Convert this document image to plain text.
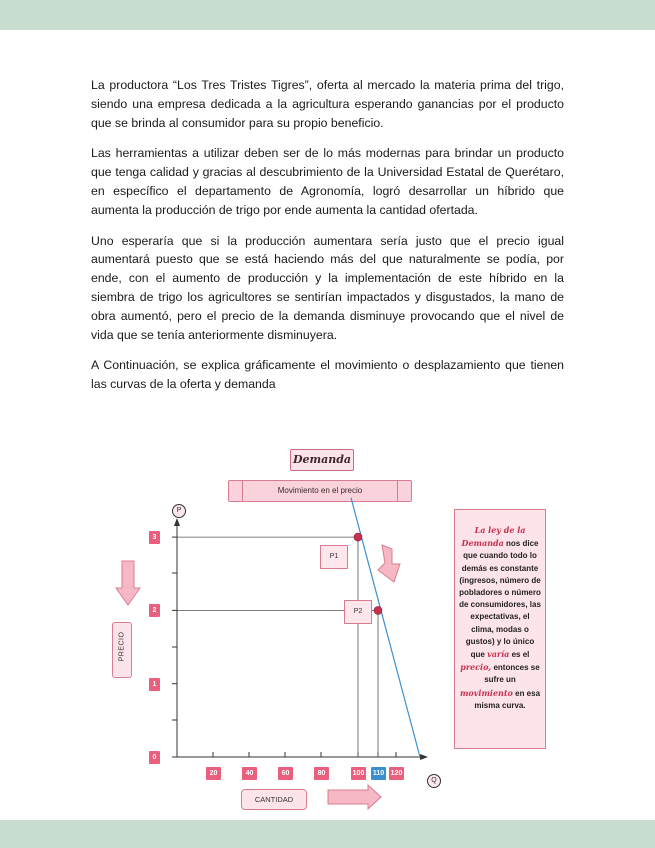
La productora “Los Tres Tristes Tigres”, oferta al mercado la materia prima del trigo, siendo una empresa dedicada a la agricultura esperando ganancias por el producto que se brinda al consumidor para su propio beneficio.

Las herramientas a utilizar deben ser de lo más modernas para brindar un producto que tenga calidad y gracias al descubrimiento de la Universidad Estatal de Querétaro, en específico el departamento de Agronomía, logró desarrollar un híbrido que aumenta la producción de trigo por ende aumenta la cantidad ofertada.

Uno esperaría que si la producción aumentara sería justo que el precio igual aumentará puesto que se está haciendo más del que naturalmente se podía, por ende, con el aumento de producción y la implementación de este híbrido en la siembra de trigo los agricultores se sentirían impactados y disgustados, la mano de obra aumentó, pero el precio de la demanda disminuye provocando que el nivel de vida que se tenía anteriormente disminuyera.

A Continuación, se explica gráficamente el movimiento o desplazamiento que tienen las curvas de la oferta y demanda

Demanda
Movimiento en el precio
P
Q
0
1
2
3
20	40	60	80	100 110 120
P1
P2
PRECIO
CANTIDAD
La ley de la Demanda nos dice que cuando todo lo demás es constante (ingresos, número de pobladores o número de consumidores, las expectativas, el clima, modas o gustos) y lo único que varía es el precio, entonces se sufre un movimiento en esa misma curva.
